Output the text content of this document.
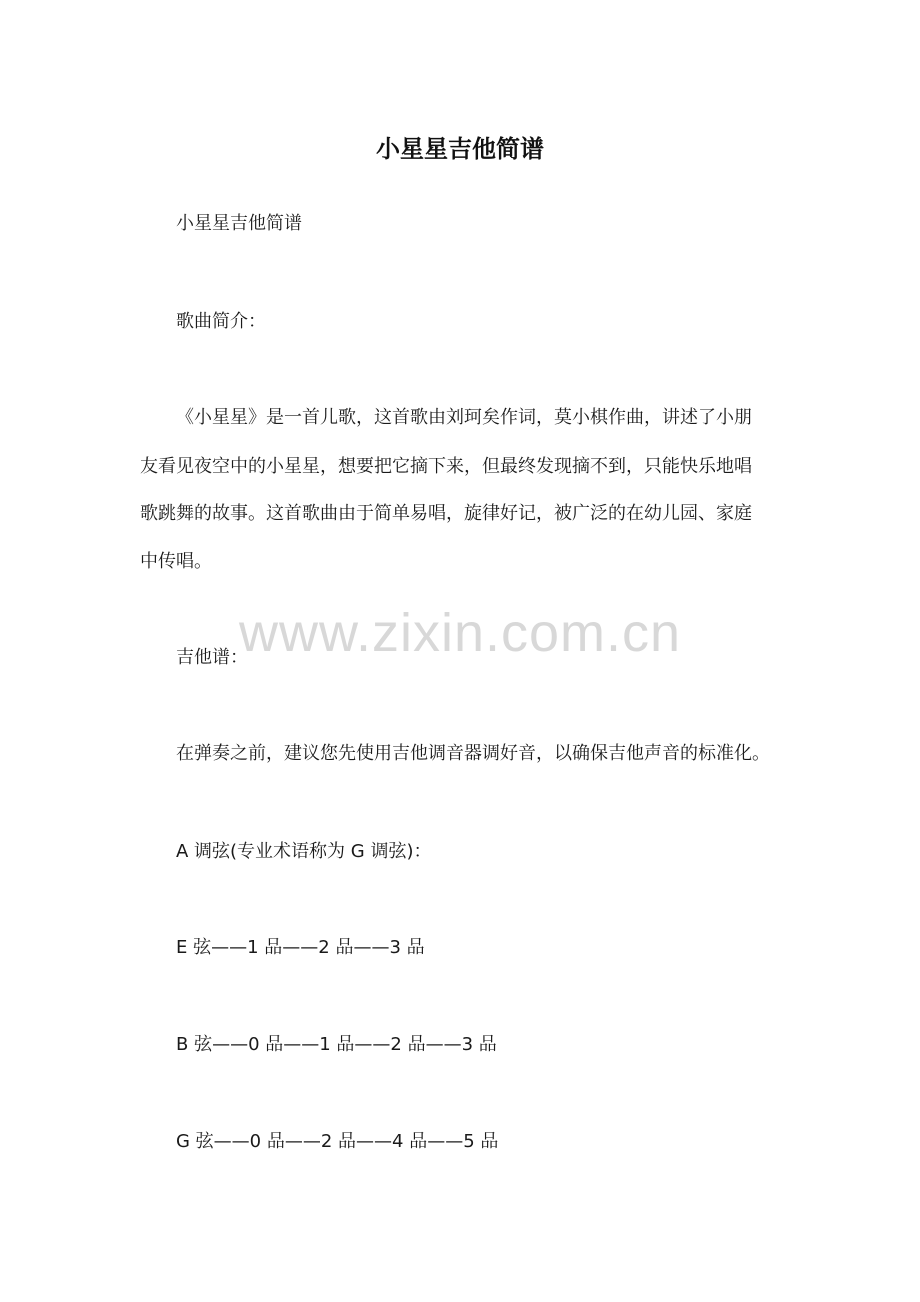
小星星吉他简谱
小星星吉他简谱
歌曲简介：
《小星星》是一首儿歌，这首歌由刘珂矣作词，莫小棋作曲，讲述了小朋
友看见夜空中的小星星，想要把它摘下来，但最终发现摘不到，只能快乐地唱
歌跳舞的故事。这首歌曲由于简单易唱，旋律好记，被广泛的在幼儿园、家庭
中传唱。
www.zixin.com.cn
吉他谱：
在弹奏之前，建议您先使用吉他调音器调好音，以确保吉他声音的标准化。
A 调弦(专业术语称为 G 调弦)：
E 弦——1 品——2 品——3 品
B 弦——0 品——1 品——2 品——3 品
G 弦——0 品——2 品——4 品——5 品
